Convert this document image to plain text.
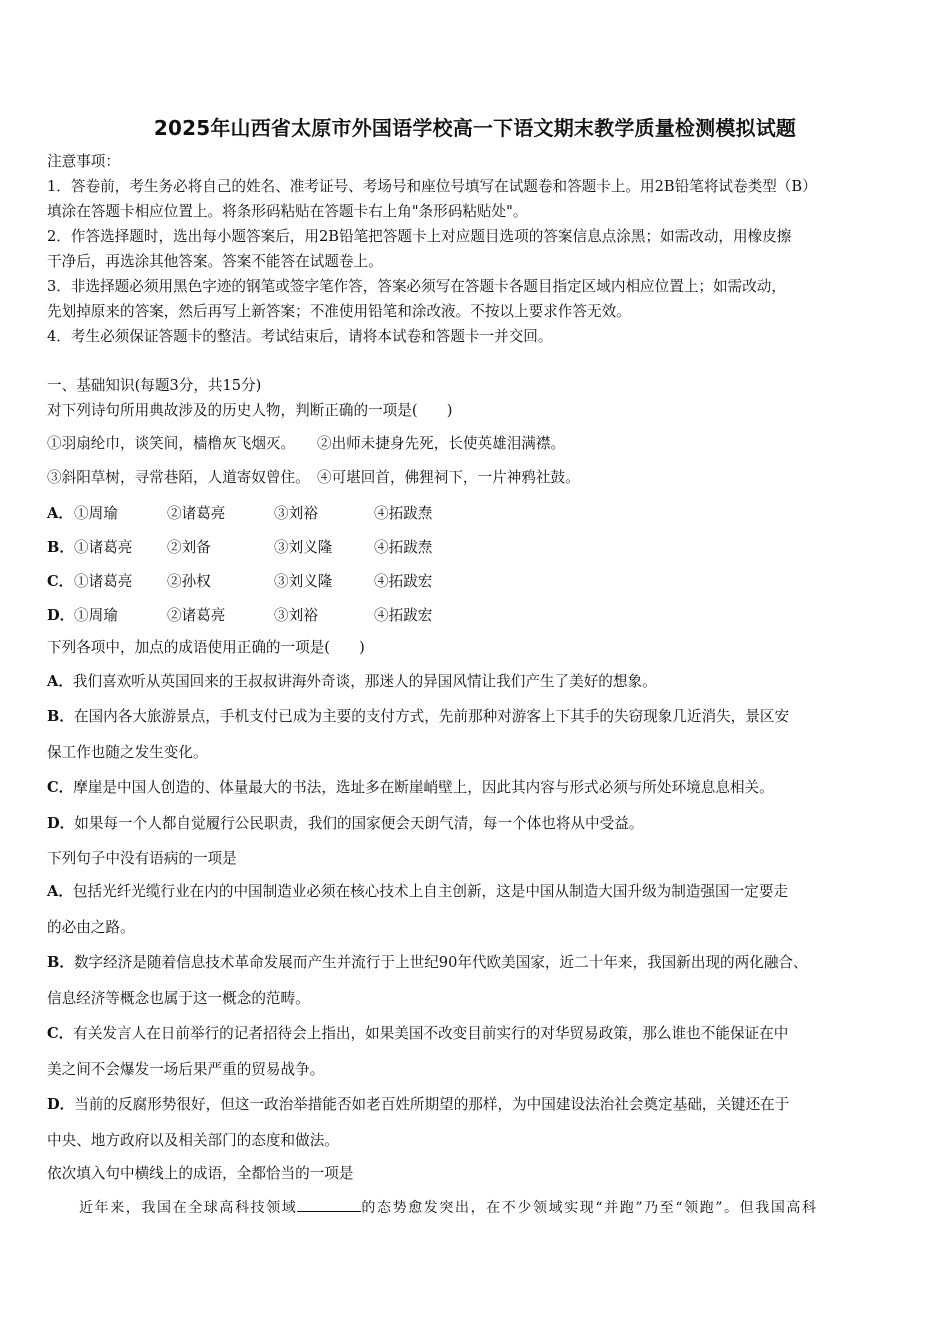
2025年山西省太原市外国语学校高一下语文期末教学质量检测模拟试题
注意事项：
1．答卷前，考生务必将自己的姓名、准考证号、考场号和座位号填写在试题卷和答题卡上。用2B铅笔将试卷类型（B）
填涂在答题卡相应位置上。将条形码粘贴在答题卡右上角"条形码粘贴处"。
2．作答选择题时，选出每小题答案后，用2B铅笔把答题卡上对应题目选项的答案信息点涂黑；如需改动，用橡皮擦
干净后，再选涂其他答案。答案不能答在试题卷上。
3．非选择题必须用黑色字迹的钢笔或签字笔作答，答案必须写在答题卡各题目指定区域内相应位置上；如需改动，
先划掉原来的答案，然后再写上新答案；不准使用铅笔和涂改液。不按以上要求作答无效。
4．考生必须保证答题卡的整洁。考试结束后，请将本试卷和答题卡一并交回。
一、基础知识(每题3分，共15分)
对下列诗句所用典故涉及的历史人物，判断正确的一项是(　　)
①羽扇纶巾，谈笑间，樯橹灰飞烟灭。　　②出师未捷身先死，长使英雄泪满襟。
③斜阳草树，寻常巷陌，人道寄奴曾住。　④可堪回首，佛狸祠下，一片神鸦社鼓。
A． ①周瑜	②诸葛亮	③刘裕	④拓跋焘
B． ①诸葛亮 ②刘备	③刘义隆	④拓跋焘
C． ①诸葛亮 ②孙权	③刘义隆	④拓跋宏
D． ①周瑜	②诸葛亮	③刘裕	④拓跋宏
下列各项中，加点的成语使用正确的一项是(　　)
A．我们喜欢听从英国回来的王叔叔讲海外奇谈，那迷人的异国风情让我们产生了美好的想象。
B．在国内各大旅游景点，手机支付已成为主要的支付方式，先前那种对游客上下其手的失窃现象几近消失，景区安
保工作也随之发生变化。
C．摩崖是中国人创造的、体量最大的书法，选址多在断崖峭壁上，因此其内容与形式必须与所处环境息息相关。
D．如果每一个人都自觉履行公民职责，我们的国家便会天朗气清，每一个体也将从中受益。
下列句子中没有语病的一项是
A．包括光纤光缆行业在内的中国制造业必须在核心技术上自主创新，这是中国从制造大国升级为制造强国一定要走
的必由之路。
B．数字经济是随着信息技术革命发展而产生并流行于上世纪90年代欧美国家，近二十年来，我国新出现的两化融合、
信息经济等概念也属于这一概念的范畴。
C．有关发言人在日前举行的记者招待会上指出，如果美国不改变目前实行的对华贸易政策，那么谁也不能保证在中
美之间不会爆发一场后果严重的贸易战争。
D．当前的反腐形势很好，但这一政治举措能否如老百姓所期望的那样，为中国建设法治社会奠定基础，关键还在于
中央、地方政府以及相关部门的态度和做法。
依次填入句中横线上的成语，全都恰当的一项是
近年来，我国在全球高科技领域	的态势愈发突出，在不少领域实现“并跑”乃至“领跑”。但我国高科
